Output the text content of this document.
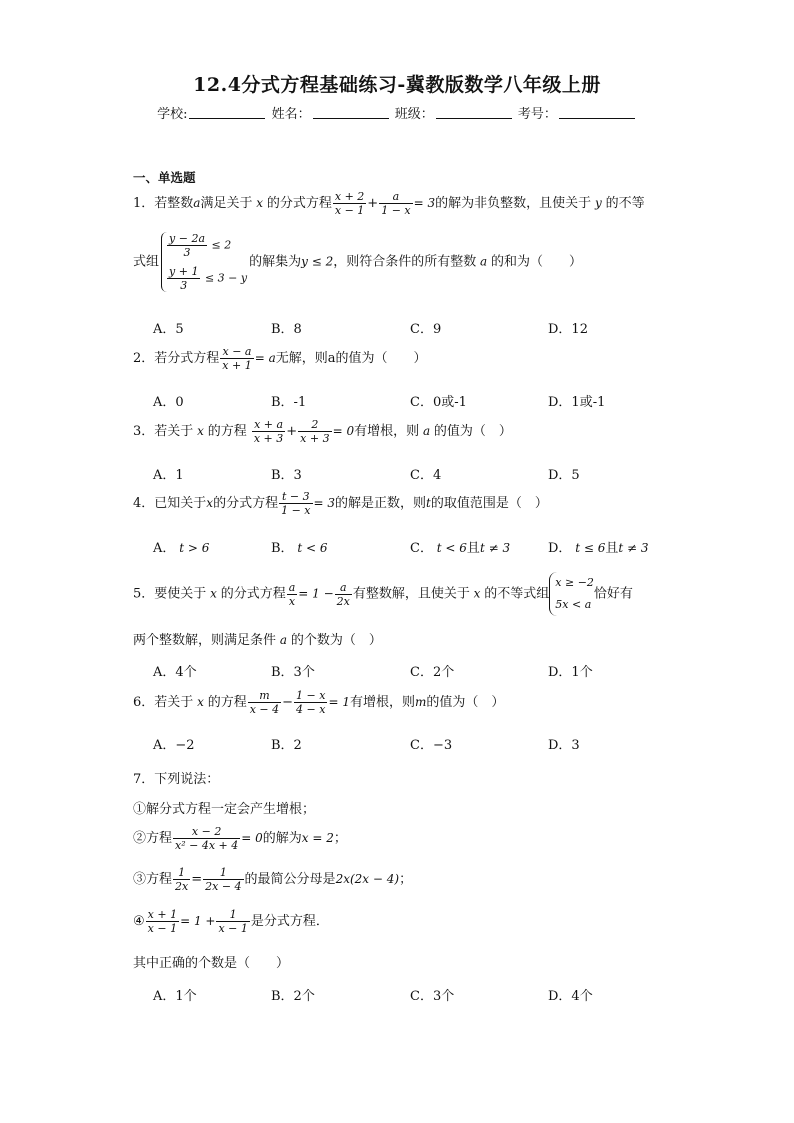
12.4分式方程基础练习-冀教版数学八年级上册
学校:	姓名：	班级：	考号：
一、单选题
1．若整数a满足关于 x 的分式方程 $\frac{x + 2}{x - 1} + \frac{a}{1 - x} = 3$的解为非负整数，且使关于 y 的不等
式组
$\frac{y - 2a}{3} \le 2$
$\frac{y + 1}{3} \le 3 - y$
的解集为y ≤ 2，则符合条件的所有整数 a 的和为（　　）
A．5	B．8	C．9	D．12
2．若分式方程 $\frac{x - a}{x + 1} = a$无解，则a的值为（　　）
A．0	B．-1	C．0或-1	D．1或-1
3．若关于 x 的方程 $\frac{x + a}{x + 3} + \frac{2}{x + 3} = 0$有增根，则 a 的值为（　）
A．1	B．3	C．4	D．5
4．已知关于x的分式方程 $\frac{t - 3}{1 - x} = 3$的解是正数，则t的取值范围是（　）
A． t > 6	B． t < 6	C． t < 6且t ≠ 3	D． t ≤ 6且t ≠ 3
5．要使关于 x 的分式方程 $\frac{a}{x} = 1 - \frac{a}{2x}$ 有整数解，且使关于 x 的不等式组
x ≥ −2
5x < a
恰好有
两个整数解，则满足条件 a 的个数为（　）
A．4个	B．3个	C．2个	D．1个
6．若关于 x 的方程 $\frac{m}{x - 4} - \frac{1 - x}{4 - x} = 1$有增根，则m的值为（　）
A．−2	B．2	C．−3	D．3
7．下列说法：
①解分式方程一定会产生增根；
②方程 $\frac{x - 2}{\text{x² − 4x + 4}} = 0$的解为x = 2；
③方程 $\frac{1}{2x} = \frac{1}{2x - 4}$ 的最简公分母是2x(2x − 4)；
④ $\frac{x + 1}{x - 1} = 1 + \frac{1}{x - 1}$ 是分式方程．
其中正确的个数是（　　）
A．1个	B．2个	C．3个	D．4个
